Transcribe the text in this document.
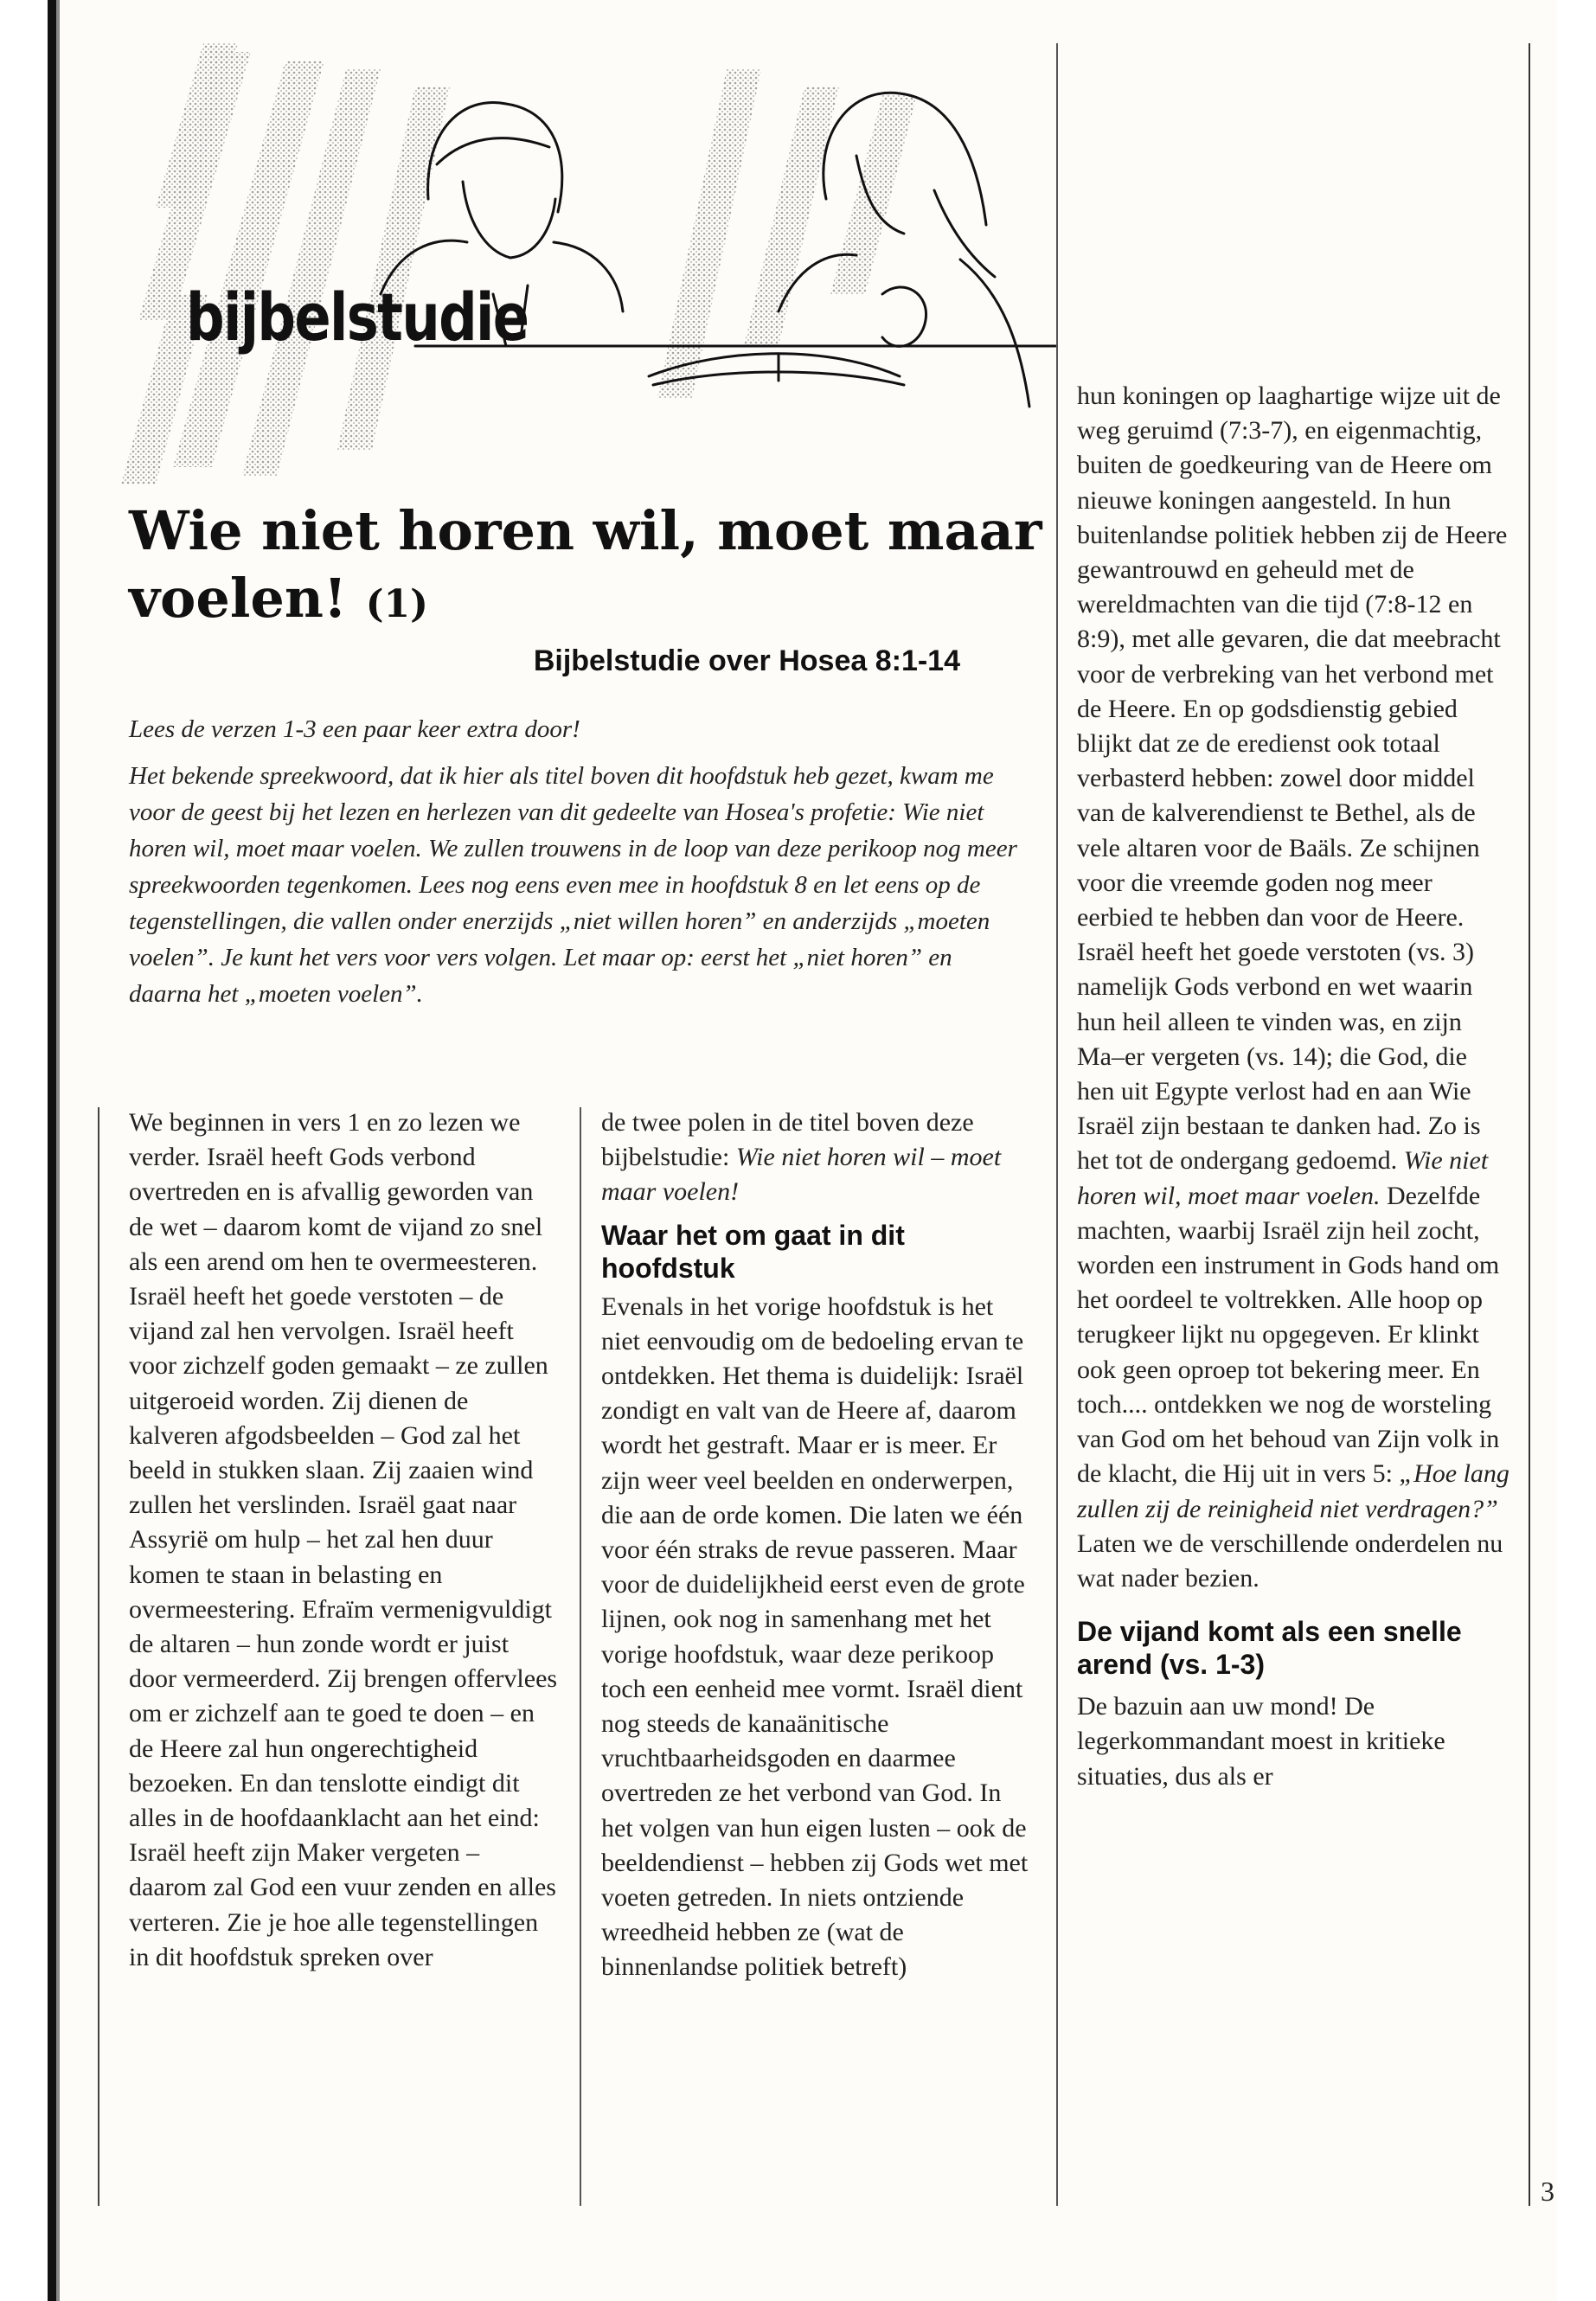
bijbelstudie
Wie niet horen wil, moet maar voelen! (1)
Bijbelstudie over Hosea 8:1-14

Lees de verzen 1-3 een paar keer extra door!

Het bekende spreekwoord, dat ik hier als titel boven dit hoofdstuk heb gezet, kwam me voor de geest bij het lezen en herlezen van dit gedeelte van Hosea's profetie: Wie niet horen wil, moet maar voelen. We zullen trouwens in de loop van deze perikoop nog meer spreekwoorden tegenkomen. Lees nog eens even mee in hoofdstuk 8 en let eens op de tegenstellingen, die vallen onder enerzijds „niet willen horen” en anderzijds „moeten voelen”. Je kunt het vers voor vers volgen. Let maar op: eerst het „niet horen” en daarna het „moeten voelen”.

We beginnen in vers 1 en zo lezen we verder. Israël heeft Gods verbond overtreden en is afvallig geworden van de wet – daarom komt de vijand zo snel als een arend om hen te overmeesteren. Israël heeft het goede verstoten – de vijand zal hen vervolgen. Israël heeft voor zichzelf goden gemaakt – ze zullen uitgeroeid worden. Zij dienen de kalveren afgodsbeelden – God zal het beeld in stukken slaan. Zij zaaien wind zullen het verslinden. Israël gaat naar Assyrië om hulp – het zal hen duur komen te staan in belasting en overmeestering. Efraïm vermenigvuldigt de altaren – hun zonde wordt er juist door vermeerderd. Zij brengen offervlees om er zichzelf aan te goed te doen – en de Heere zal hun ongerechtigheid bezoeken. En dan tenslotte eindigt dit alles in de hoofdaanklacht aan het eind: Israël heeft zijn Maker vergeten – daarom zal God een vuur zenden en alles verteren. Zie je hoe alle tegenstellingen in dit hoofdstuk spreken over

de twee polen in de titel boven deze bijbelstudie: Wie niet horen wil – moet maar voelen!

Waar het om gaat in dit hoofdstuk

Evenals in het vorige hoofdstuk is het niet eenvoudig om de bedoeling ervan te ontdekken. Het thema is duidelijk: Israël zondigt en valt van de Heere af, daarom wordt het gestraft. Maar er is meer. Er zijn weer veel beelden en onderwerpen, die aan de orde komen. Die laten we één voor één straks de revue passeren. Maar voor de duidelijkheid eerst even de grote lijnen, ook nog in samenhang met het vorige hoofdstuk, waar deze perikoop toch een eenheid mee vormt. Israël dient nog steeds de kanaänitische vruchtbaarheidsgoden en daarmee overtreden ze het verbond van God. In het volgen van hun eigen lusten – ook de beeldendienst – hebben zij Gods wet met voeten getreden. In niets ontziende wreedheid hebben ze (wat de binnenlandse politiek betreft)

hun koningen op laaghartige wijze uit de weg geruimd (7:3-7), en eigenmachtig, buiten de goedkeuring van de Heere om nieuwe koningen aangesteld. In hun buitenlandse politiek hebben zij de Heere gewantrouwd en geheuld met de wereldmachten van die tijd (7:8-12 en 8:9), met alle gevaren, die dat meebracht voor de verbreking van het verbond met de Heere. En op godsdienstig gebied blijkt dat ze de eredienst ook totaal verbasterd hebben: zowel door middel van de kalverendienst te Bethel, als de vele altaren voor de Baäls. Ze schijnen voor die vreemde goden nog meer eerbied te hebben dan voor de Heere. Israël heeft het goede verstoten (vs. 3) namelijk Gods verbond en wet waarin hun heil alleen te vinden was, en zijn Ma–er vergeten (vs. 14); die God, die hen uit Egypte verlost had en aan Wie Israël zijn bestaan te danken had. Zo is het tot de ondergang gedoemd. Wie niet horen wil, moet maar voelen. Dezelfde machten, waarbij Israël zijn heil zocht, worden een instrument in Gods hand om het oordeel te voltrekken. Alle hoop op terugkeer lijkt nu opgegeven. Er klinkt ook geen oproep tot bekering meer. En toch.... ontdekken we nog de worsteling van God om het behoud van Zijn volk in de klacht, die Hij uit in vers 5: „Hoe lang zullen zij de reinigheid niet verdragen?” Laten we de verschillende onderdelen nu wat nader bezien.

De vijand komt als een snelle arend (vs. 1-3)

De bazuin aan uw mond! De legerkommandant moest in kritieke situaties, dus als er

3
